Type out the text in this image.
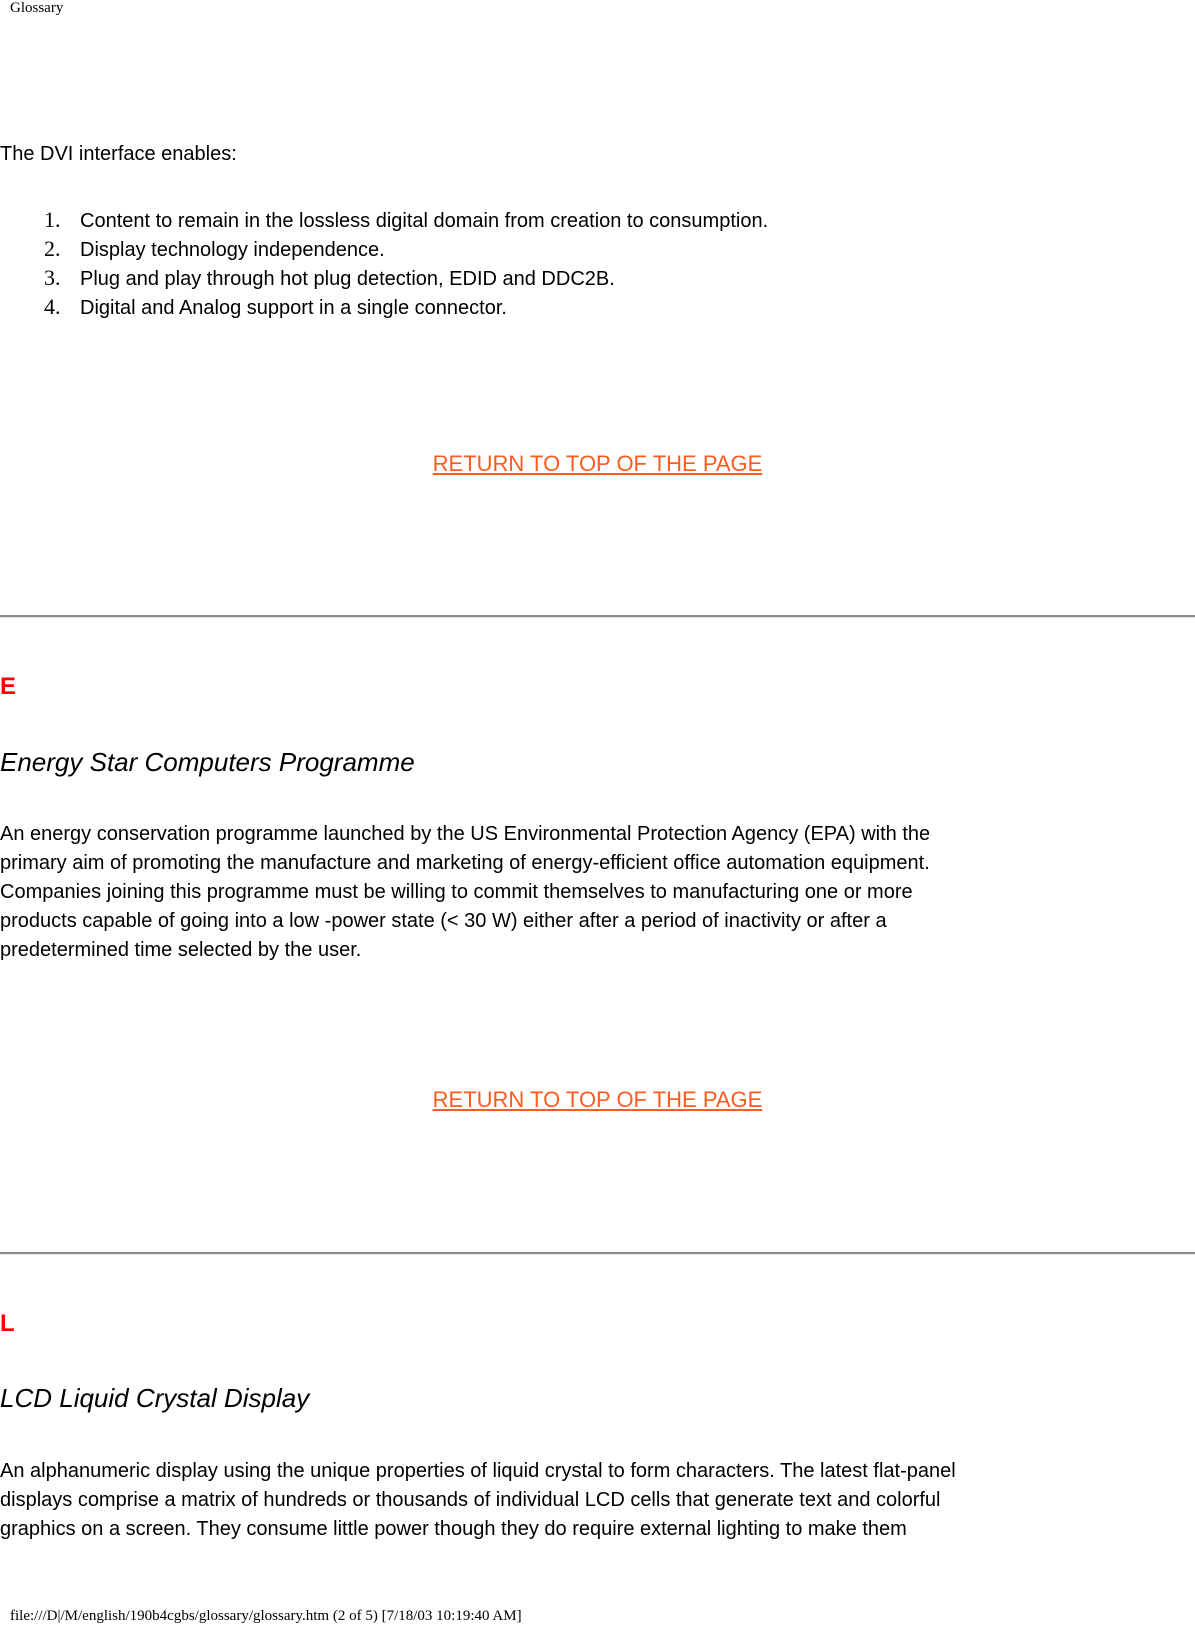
Glossary
The DVI interface enables:
1. Content to remain in the lossless digital domain from creation to consumption.
2. Display technology independence.
3. Plug and play through hot plug detection, EDID and DDC2B.
4. Digital and Analog support in a single connector.
RETURN TO TOP OF THE PAGE
E
Energy Star Computers Programme
An energy conservation programme launched by the US Environmental Protection Agency (EPA) with the
primary aim of promoting the manufacture and marketing of energy-efficient office automation equipment.
Companies joining this programme must be willing to commit themselves to manufacturing one or more
products capable of going into a low -power state (< 30 W) either after a period of inactivity or after a
predetermined time selected by the user.
RETURN TO TOP OF THE PAGE
L
LCD Liquid Crystal Display
An alphanumeric display using the unique properties of liquid crystal to form characters. The latest flat-panel
displays comprise a matrix of hundreds or thousands of individual LCD cells that generate text and colorful
graphics on a screen. They consume little power though they do require external lighting to make them
file:///D|/M/english/190b4cgbs/glossary/glossary.htm (2 of 5) [7/18/03 10:19:40 AM]
